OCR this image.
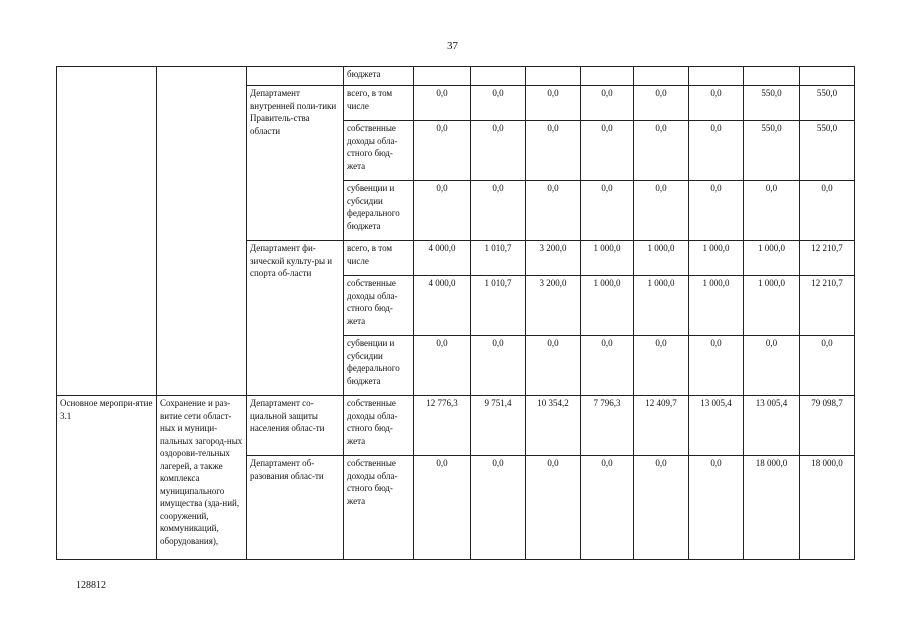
37
			бюджета								
		Департамент внутренней поли-тики Правитель-ства области	всего, в том числе	0,0	0,0	0,0	0,0	0,0	0,0	550,0	550,0
			собственные доходы обла-стного бюд-жета	0,0	0,0	0,0	0,0	0,0	0,0	550,0	550,0
			субвенции и субсидии федерального бюджета	0,0	0,0	0,0	0,0	0,0	0,0	0,0	0,0
		Департамент фи-зической культу-ры и спорта об-ласти	всего, в том числе	4 000,0	1 010,7	3 200,0	1 000,0	1 000,0	1 000,0	1 000,0	12 210,7
			собственные доходы обла-стного бюд-жета	4 000,0	1 010,7	3 200,0	1 000,0	1 000,0	1 000,0	1 000,0	12 210,7
			субвенции и субсидии федерального бюджета	0,0	0,0	0,0	0,0	0,0	0,0	0,0	0,0
Основное меропри-ятие 3.1	Сохранение и раз-витие сети област-ных и муници-пальных загород-ных оздорови-тельных лагерей, а также комплекса муниципального имущества (зда-ний, сооружений, коммуникаций, оборудования),	Департамент со-циальной защиты населения облас-ти	собственные доходы обла-стного бюд-жета	12 776,3	9 751,4	10 354,2	7 796,3	12 409,7	13 005,4	13 005,4	79 098,7
		Департамент об-разования облас-ти	собственные доходы обла-стного бюд-жета	0,0	0,0	0,0	0,0	0,0	0,0	18 000,0	18 000,0
128812
